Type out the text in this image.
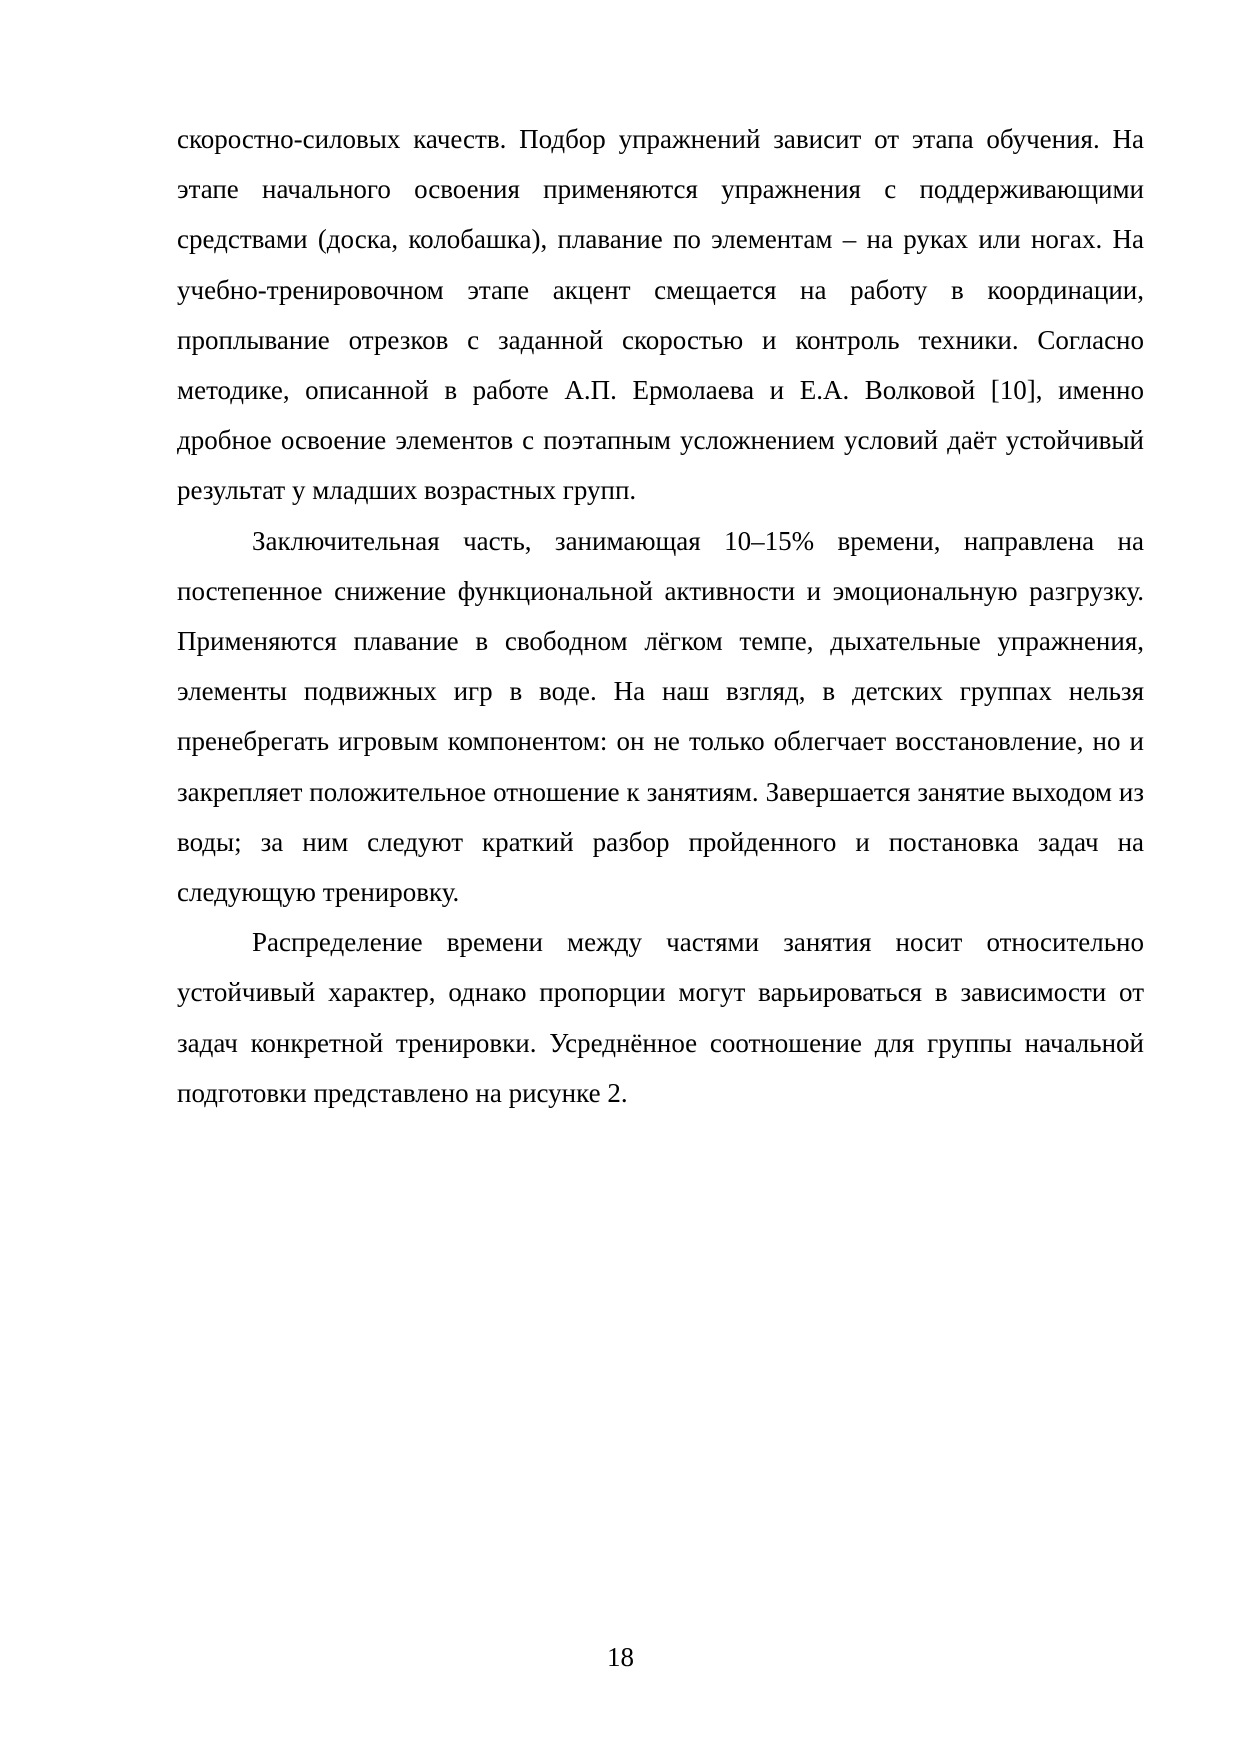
скоростно-силовых качеств. Подбор упражнений зависит от этапа обучения. На этапе начального освоения применяются упражнения с поддерживающими средствами (доска, колобашка), плавание по элементам – на руках или ногах. На учебно-тренировочном этапе акцент смещается на работу в координации, проплывание отрезков с заданной скоростью и контроль техники. Согласно методике, описанной в работе А.П. Ермолаева и Е.А. Волковой [10], именно дробное освоение элементов с поэтапным усложнением условий даёт устойчивый результат у младших возрастных групп.

Заключительная часть, занимающая 10–15% времени, направлена на постепенное снижение функциональной активности и эмоциональную разгрузку. Применяются плавание в свободном лёгком темпе, дыхательные упражнения, элементы подвижных игр в воде. На наш взгляд, в детских группах нельзя пренебрегать игровым компонентом: он не только облегчает восстановление, но и закрепляет положительное отношение к занятиям. Завершается занятие выходом из воды; за ним следуют краткий разбор пройденного и постановка задач на следующую тренировку.

Распределение времени между частями занятия носит относительно устойчивый характер, однако пропорции могут варьироваться в зависимости от задач конкретной тренировки. Усреднённое соотношение для группы начальной подготовки представлено на рисунке 2.

18
